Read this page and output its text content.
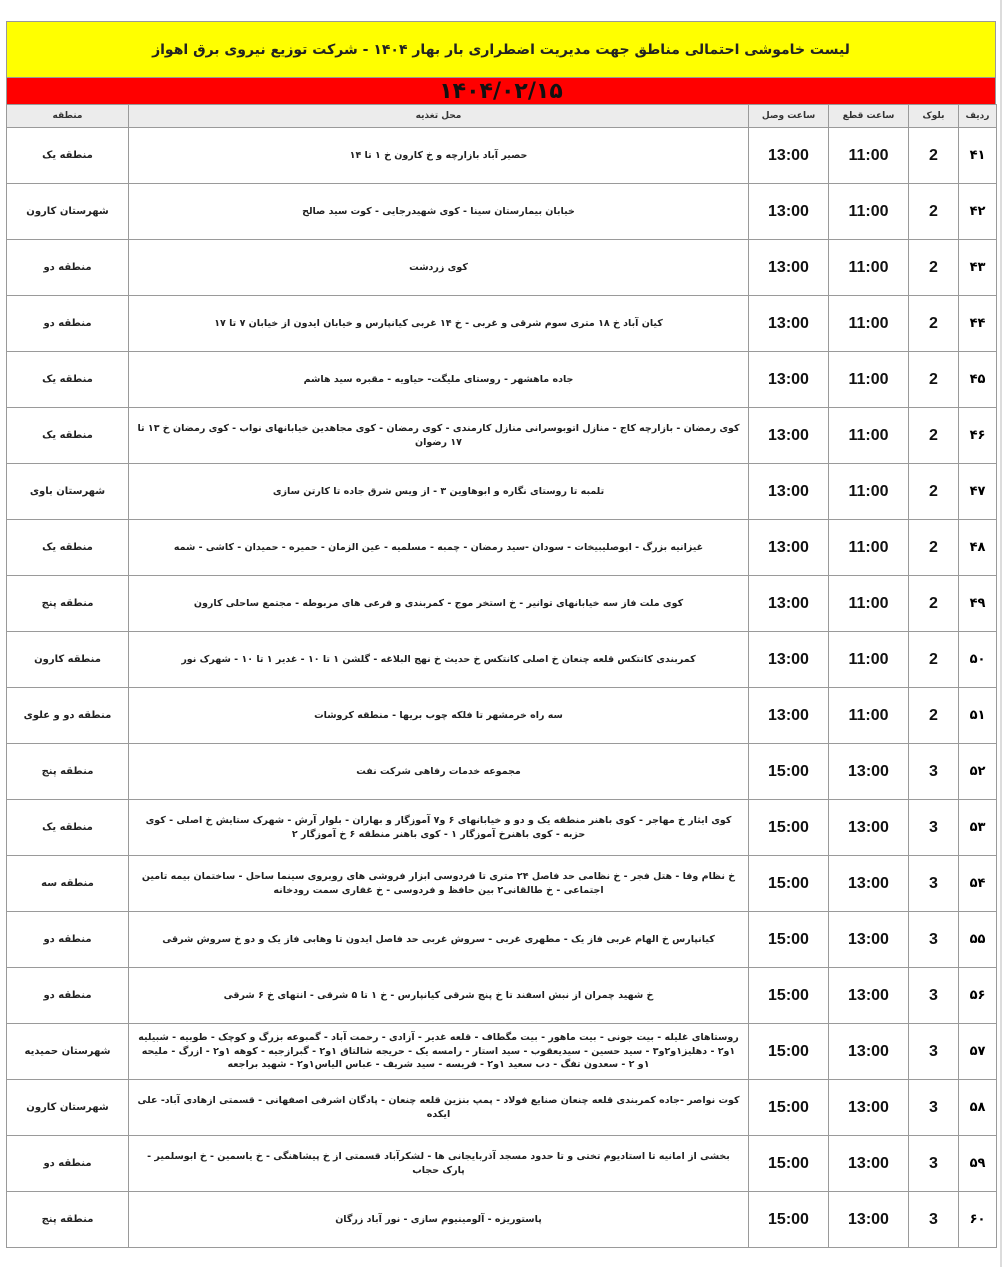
لیست خاموشی احتمالی مناطق جهت مدیریت اضطراری بار بهار ۱۴۰۴ - شرکت توزیع نیروی برق اهواز
۱۴۰۴/۰۲/۱۵
ردیف	بلوک	ساعت قطع	ساعت وصل	محل تغذیه	منطقه
۴۱	2	11:00	13:00	حصیر آباد بازارچه و خ کارون خ ۱ تا ۱۴	منطقه یک
۴۲	2	11:00	13:00	خیابان بیمارستان سینا - کوی شهیدرجایی - کوت سید صالح	شهرستان کارون
۴۳	2	11:00	13:00	کوی زردشت	منطقه دو
۴۴	2	11:00	13:00	کیان آباد خ ۱۸ متری سوم شرقی و غربی - خ ۱۴ غربی کیانپارس و خیابان ایدون از خیابان ۷ تا ۱۷	منطقه دو
۴۵	2	11:00	13:00	جاده ماهشهر - روستای ملیگت- حیاویه - مقبره سید هاشم	منطقه یک
۴۶	2	11:00	13:00	کوی رمضان - بازارچه کاج - منازل اتوبوسرانی منازل کارمندی - کوی رمضان - کوی مجاهدین خیابانهای نواب - کوی رمضان خ ۱۳ تا ۱۷ رضوان	منطقه یک
۴۷	2	11:00	13:00	تلمبه تا روستای نگاره و ابوهاوین ۳ - از ویس شرق جاده تا کارتن سازی	شهرستان باوی
۴۸	2	11:00	13:00	غیزانیه بزرگ - ابوصلیبیخات - سودان -سید رمضان - چمبه - مسلمیه - عین الزمان - حمیره - حمیدان - کاشی - شمه	منطقه یک
۴۹	2	11:00	13:00	کوی ملت فاز سه خیابانهای توانیر - خ استخر موج - کمربندی و فرعی های مربوطه - مجتمع ساحلی کارون	منطقه پنج
۵۰	2	11:00	13:00	کمربندی کانتکس قلعه چنعان خ اصلی کانتکس خ حدیث خ نهج البلاغه - گلشن ۱ تا ۱۰ - غدیر ۱ تا ۱۰ - شهرک نور	منطقه کارون
۵۱	2	11:00	13:00	سه راه خرمشهر تا فلکه چوب بریها - منطقه کروشات	منطقه دو و علوی
۵۲	3	13:00	15:00	مجموعه خدمات رفاهی شرکت نفت	منطقه پنج
۵۳	3	13:00	15:00	کوی ایثار خ مهاجر - کوی باهنر منطقه یک و دو و خیابانهای ۶ و۷ آموزگار و بهاران - بلوار آرش - شهرک ستایش خ اصلی - کوی حزبه - کوی باهنرخ آموزگار ۱ - کوی باهنر منطقه ۶ خ آموزگار ۲	منطقه یک
۵۴	3	13:00	15:00	خ نظام وفا - هتل فجر - خ نظامی حد فاصل ۲۴ متری تا فردوسی ابزار فروشی های روبروی سینما ساحل - ساختمان بیمه تامین اجتماعی - خ طالقانی۲ بین حافظ و فردوسی - خ غفاری سمت رودخانه	منطقه سه
۵۵	3	13:00	15:00	کیانپارس خ الهام غربی فاز یک - مطهری غربی - سروش غربی حد فاصل ایدون تا وهابی فاز یک و دو خ سروش شرقی	منطقه دو
۵۶	3	13:00	15:00	خ شهید چمران از نبش اسفند تا خ پنج شرقی کیانپارس - خ ۱ تا ۵ شرقی - انتهای خ ۶ شرقی	منطقه دو
۵۷	3	13:00	15:00	روستاهای غلیله - بیت جونی - بیت ماهور - بیت مگطاف - قلعه غدیر - آزادی - رحمت آباد - گمبوعه بزرگ و کوچک - طوبیه - شبیلیه ۱و۲ - دهلیز۱و۲و۳ - سید حسین - سیدیعقوب - سید استار - رامسه یک - حریجه شالتاق ۱و۲ - گبرازجیه - کوهه ۱و۲ - ازرگ - ملیحه ۱و ۲ - سعدون تفگ - دب سعید ۱و۲ - فریسه - سید شریف - عباس الیاس۱و۲ - شهید براجعه	شهرستان حمیدیه
۵۸	3	13:00	15:00	کوت نواصر -جاده کمربندی قلعه چنعان صنایع فولاد - پمپ بنزین قلعه چنعان - پادگان اشرفی اصفهانی - قسمتی ازهادی آباد- علی ایکده	شهرستان کارون
۵۹	3	13:00	15:00	بخشی از امانیه تا استادیوم تختی و تا حدود مسجد آذربایجانی ها - لشکرآباد قسمتی از خ پیشاهنگی - خ یاسمین - خ ابوسلمیر - پارک حجاب	منطقه دو
۶۰	3	13:00	15:00	پاستوریزه - آلومینیوم سازی - نور آباد زرگان	منطقه پنج
